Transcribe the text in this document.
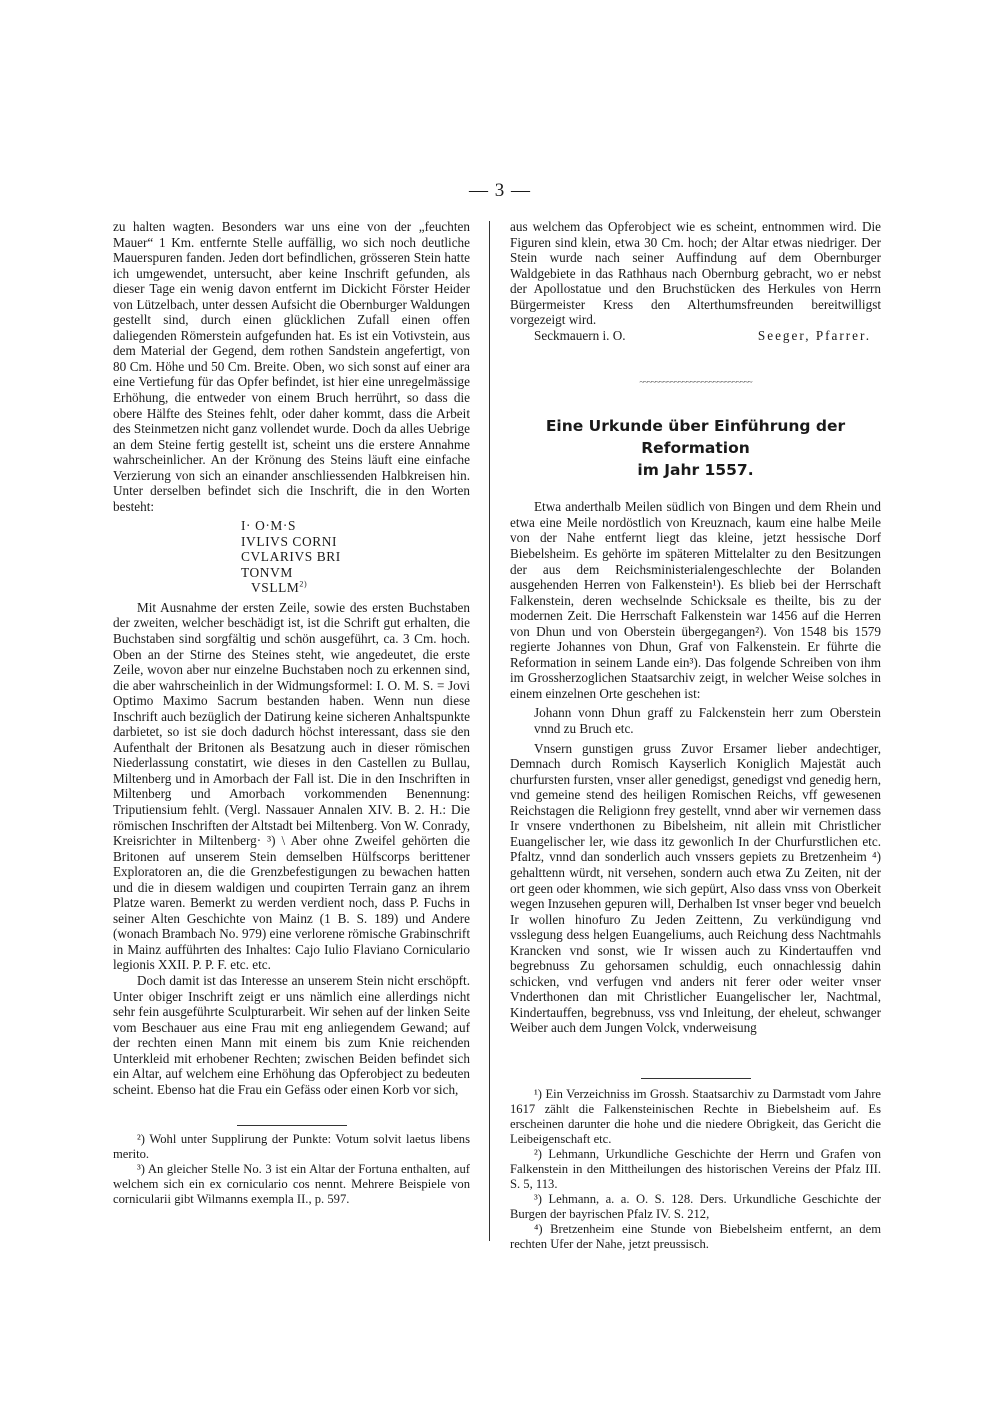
— 3 —

zu halten wagten. Besonders war uns eine von der „feuchten Mauer“ 1 Km. entfernte Stelle auffällig, wo sich noch deutliche Mauerspuren fanden. Jeden dort befindlichen, grösseren Stein hatte ich umgewendet, untersucht, aber keine Inschrift gefunden, als dieser Tage ein wenig davon entfernt im Dickicht Förster Heider von Lützelbach, unter dessen Aufsicht die Obernburger Waldungen gestellt sind, durch einen glücklichen Zufall einen offen daliegenden Römerstein aufgefunden hat. Es ist ein Votivstein, aus dem Material der Gegend, dem rothen Sandstein angefertigt, von 80 Cm. Höhe und 50 Cm. Breite. Oben, wo sich sonst auf einer ara eine Vertiefung für das Opfer befindet, ist hier eine unregelmässige Erhöhung, die entweder von einem Bruch herrührt, so dass die obere Hälfte des Steines fehlt, oder daher kommt, dass die Arbeit des Steinmetzen nicht ganz vollendet wurde. Doch da alles Uebrige an dem Steine fertig gestellt ist, scheint uns die erstere Annahme wahrscheinlicher. An der Krönung des Steins läuft eine einfache Verzierung von sich an einander anschliessenden Halbkreisen hin. Unter derselben befindet sich die Inschrift, die in den Worten besteht:

I· O·M·S
IVLIVS CORNI
CVLARIVS BRI
TONVM
VSLLM$^{2)}$

Mit Ausnahme der ersten Zeile, sowie des ersten Buchstaben der zweiten, welcher beschädigt ist, ist die Schrift gut erhalten, die Buchstaben sind sorgfältig und schön ausgeführt, ca. 3 Cm. hoch. Oben an der Stirne des Steines steht, wie angedeutet, die erste Zeile, wovon aber nur einzelne Buchstaben noch zu erkennen sind, die aber wahrscheinlich in der Widmungsformel: I. O. M. S. = Jovi Optimo Maximo Sacrum bestanden haben. Wenn nun diese Inschrift auch bezüglich der Datirung keine sicheren Anhaltspunkte darbietet, so ist sie doch dadurch höchst interessant, dass sie den Aufenthalt der Britonen als Besatzung auch in dieser römischen Niederlassung constatirt, wie dieses in den Castellen zu Bullau, Miltenberg und in Amorbach der Fall ist. Die in den Inschriften in Miltenberg und Amorbach vorkommenden Benennung: Triputiensium fehlt. (Vergl. Nassauer Annalen XIV. B. 2. H.: Die römischen Inschriften der Altstadt bei Miltenberg. Von W. Conrady, Kreisrichter in Miltenberg· ³) \ Aber ohne Zweifel gehörten die Britonen auf unserem Stein demselben Hülfscorps berittener Exploratoren an, die die Grenzbefestigungen zu bewachen hatten und die in diesem waldigen und coupirten Terrain ganz an ihrem Platze waren. Bemerkt zu werden verdient noch, dass P. Fuchs in seiner Alten Geschichte von Mainz (1 B. S. 189) und Andere (wonach Brambach No. 979) eine verlorene römische Grabinschrift in Mainz aufführten des Inhaltes: Cajo Iulio Flaviano Corniculario legionis XXII. P. P. F. etc. etc.

Doch damit ist das Interesse an unserem Stein nicht erschöpft. Unter obiger Inschrift zeigt er uns nämlich eine allerdings nicht sehr fein ausgeführte Sculpturarbeit. Wir sehen auf der linken Seite vom Beschauer aus eine Frau mit eng anliegendem Gewand; auf der rechten einen Mann mit einem bis zum Knie reichenden Unterkleid mit erhobener Rechten; zwischen Beiden befindet sich ein Altar, auf welchem eine Erhöhung das Opferobject zu bedeuten scheint. Ebenso hat die Frau ein Gefäss oder einen Korb vor sich,

²) Wohl unter Supplirung der Punkte: Votum solvit laetus libens merito.

³) An gleicher Stelle No. 3 ist ein Altar der Fortuna enthalten, auf welchem sich ein ex corniculario cos nennt. Mehrere Beispiele von cornicularii gibt Wilmanns exempla II., p. 597.

aus welchem das Opferobject wie es scheint, entnommen wird. Die Figuren sind klein, etwa 30 Cm. hoch; der Altar etwas niedriger. Der Stein wurde nach seiner Auffindung auf dem Obernburger Waldgebiete in das Rathhaus nach Obernburg gebracht, wo er nebst der Apollostatue und den Bruchstücken des Herkules von Herrn Bürgermeister Kress den Alterthumsfreunden bereitwilligst vorgezeigt wird.

Seckmauern i. O.	Seeger, Pfarrer.
~~~~~~~~~~~~~~~~~~~~~~~~~~~~~

Eine Urkunde über Einführung der Reformation

im Jahr 1557.

Etwa anderthalb Meilen südlich von Bingen und dem Rhein und etwa eine Meile nordöstlich von Kreuznach, kaum eine halbe Meile von der Nahe entfernt liegt das kleine, jetzt hessische Dorf Biebelsheim. Es gehörte im späteren Mittelalter zu den Besitzungen der aus dem Reichsministerialengeschlechte der Bolanden ausgehenden Herren von Falkenstein¹). Es blieb bei der Herrschaft Falkenstein, deren wechselnde Schicksale es theilte, bis zu der modernen Zeit. Die Herrschaft Falkenstein war 1456 auf die Herren von Dhun und von Oberstein übergegangen²). Von 1548 bis 1579 regierte Johannes von Dhun, Graf von Falkenstein. Er führte die Reformation in seinem Lande ein³). Das folgende Schreiben von ihm im Grossherzoglichen Staatsarchiv zeigt, in welcher Weise solches in einem einzelnen Orte geschehen ist:

Johann vonn Dhun graff zu Falckenstein herr zum Oberstein vnnd zu Bruch etc.

Vnsern gunstigen gruss Zuvor Ersamer lieber andechtiger, Demnach durch Romisch Kayserlich Koniglich Majestät auch churfursten fursten, vnser aller genedigst, genedigst vnd genedig hern, vnd gemeine stend des heiligen Romischen Reichs, vff gewesenen Reichstagen die Religionn frey gestellt, vnnd aber wir vernemen dass Ir vnsere vnderthonen zu Bibelsheim, nit allein mit Christlicher Euangelischer ler, wie dass itz gewonlich In der Churfurstlichen etc. Pfaltz, vnnd dan sonderlich auch vnssers gepiets zu Bretzenheim ⁴) gehalttenn würdt, nit versehen, sondern auch etwa Zu Zeiten, nit der ort geen oder khommen, wie sich gepürt, Also dass vnss von Oberkeit wegen Inzusehen gepuren will, Derhalben Ist vnser beger vnd beuelch Ir wollen hinofuro Zu Jeden Zeittenn, Zu verkündigung vnd vsslegung dess helgen Euangeliums, auch Reichung dess Nachtmahls Krancken vnd sonst, wie Ir wissen auch zu Kindertauffen vnd begrebnuss Zu gehorsamen schuldig, euch onnachlessig dahin schicken, vnd verfugen vnd anders nit ferer oder weiter vnser Vnderthonen dan mit Christlicher Euangelischer ler, Nachtmal, Kindertauffen, begrebnuss, vss vnd Inleitung, der eheleut, schwanger Weiber auch dem Jungen Volck, vnderweisung

¹) Ein Verzeichniss im Grossh. Staatsarchiv zu Darmstadt vom Jahre 1617 zählt die Falkensteinischen Rechte in Biebelsheim auf. Es erscheinen darunter die hohe und die niedere Obrigkeit, das Gericht die Leibeigenschaft etc.

²) Lehmann, Urkundliche Geschichte der Herrn und Grafen von Falkenstein in den Mittheilungen des historischen Vereins der Pfalz III. S. 5, 113.

³) Lehmann, a. a. O. S. 128. Ders. Urkundliche Geschichte der Burgen der bayrischen Pfalz IV. S. 212,

⁴) Bretzenheim eine Stunde von Biebelsheim entfernt, an dem rechten Ufer der Nahe, jetzt preussisch.
